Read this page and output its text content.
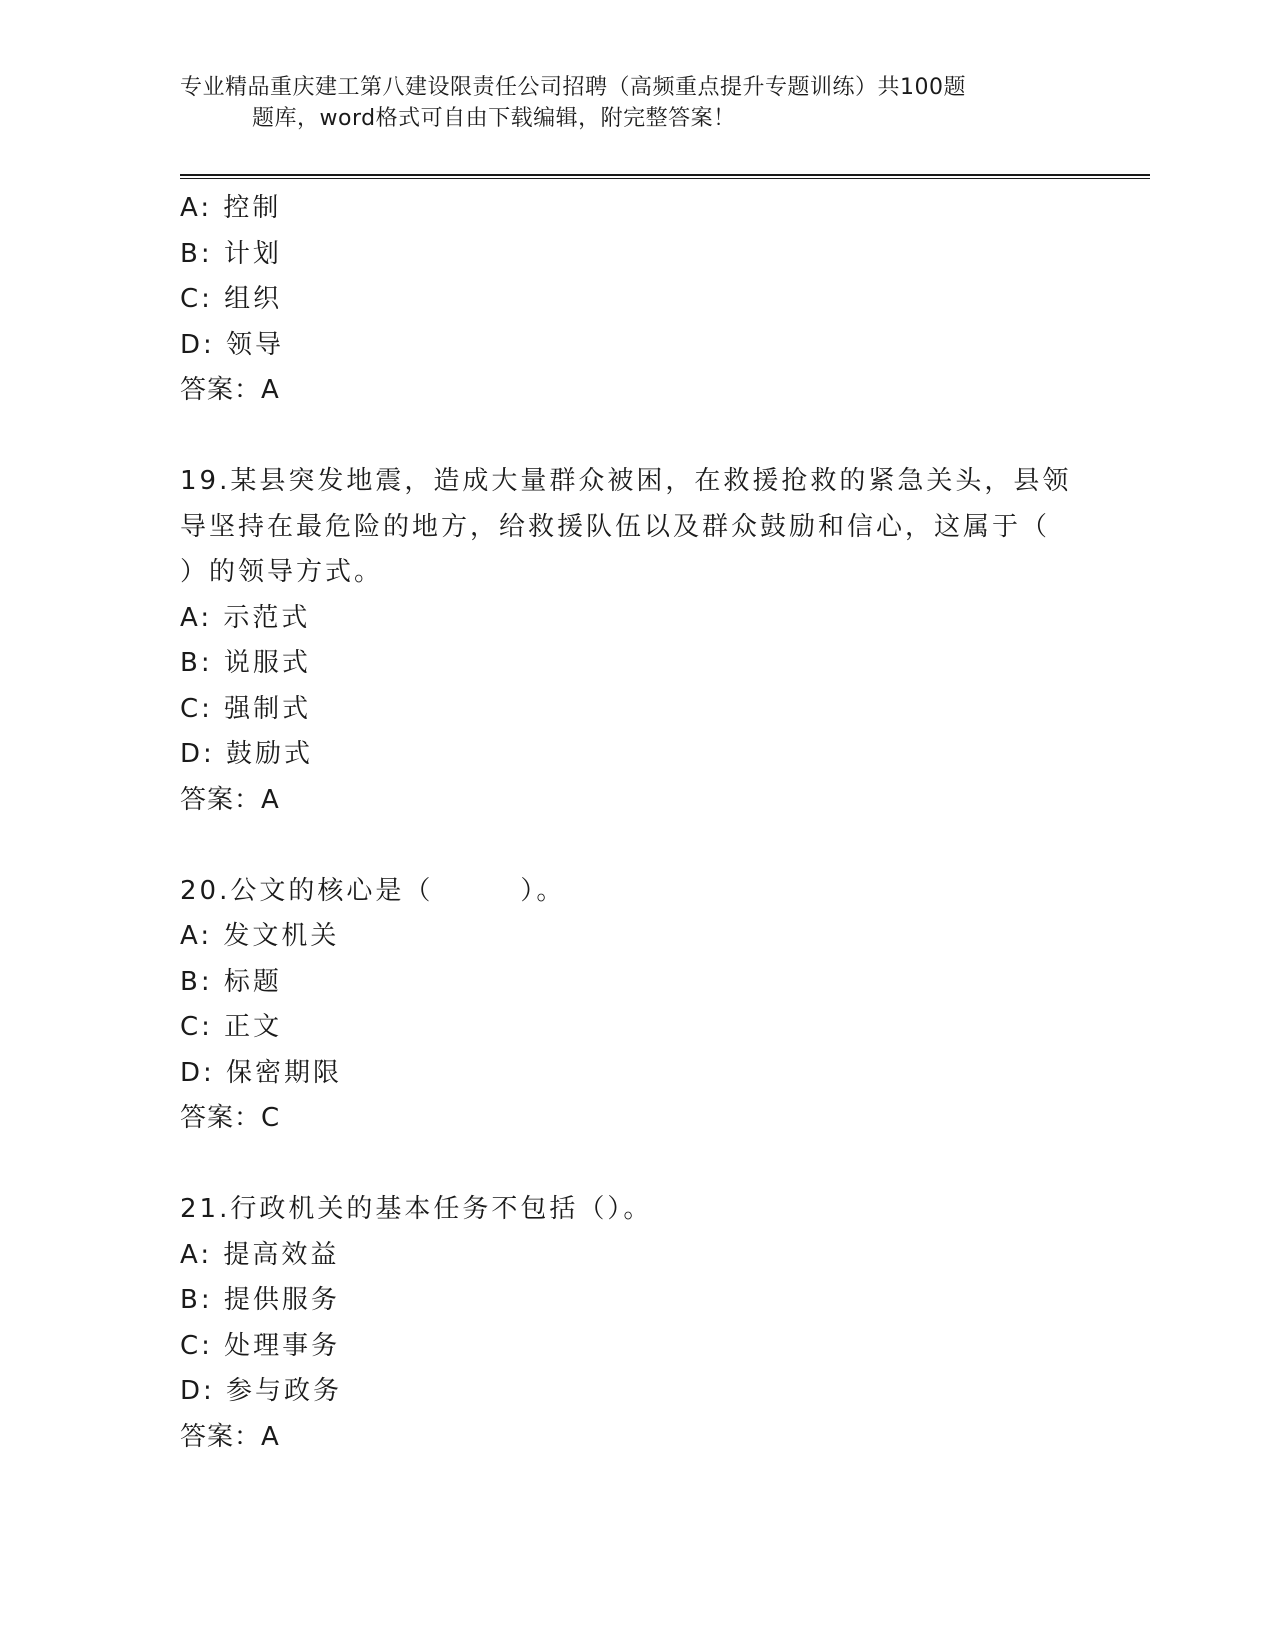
专业精品重庆建工第八建设限责任公司招聘（高频重点提升专题训练）共100题
题库，word格式可自由下载编辑，附完整答案！
A: 控制
B: 计划
C: 组织
D: 领导
答案：A
19.某县突发地震，造成大量群众被困，在救援抢救的紧急关头，县领
导坚持在最危险的地方，给救援队伍以及群众鼓励和信心，这属于（
）的领导方式。
A: 示范式
B: 说服式
C: 强制式
D: 鼓励式
答案：A
20.公文的核心是（　　　）。
A: 发文机关
B: 标题
C: 正文
D: 保密期限
答案：C
21.行政机关的基本任务不包括（）。
A: 提高效益
B: 提供服务
C: 处理事务
D: 参与政务
答案：A
